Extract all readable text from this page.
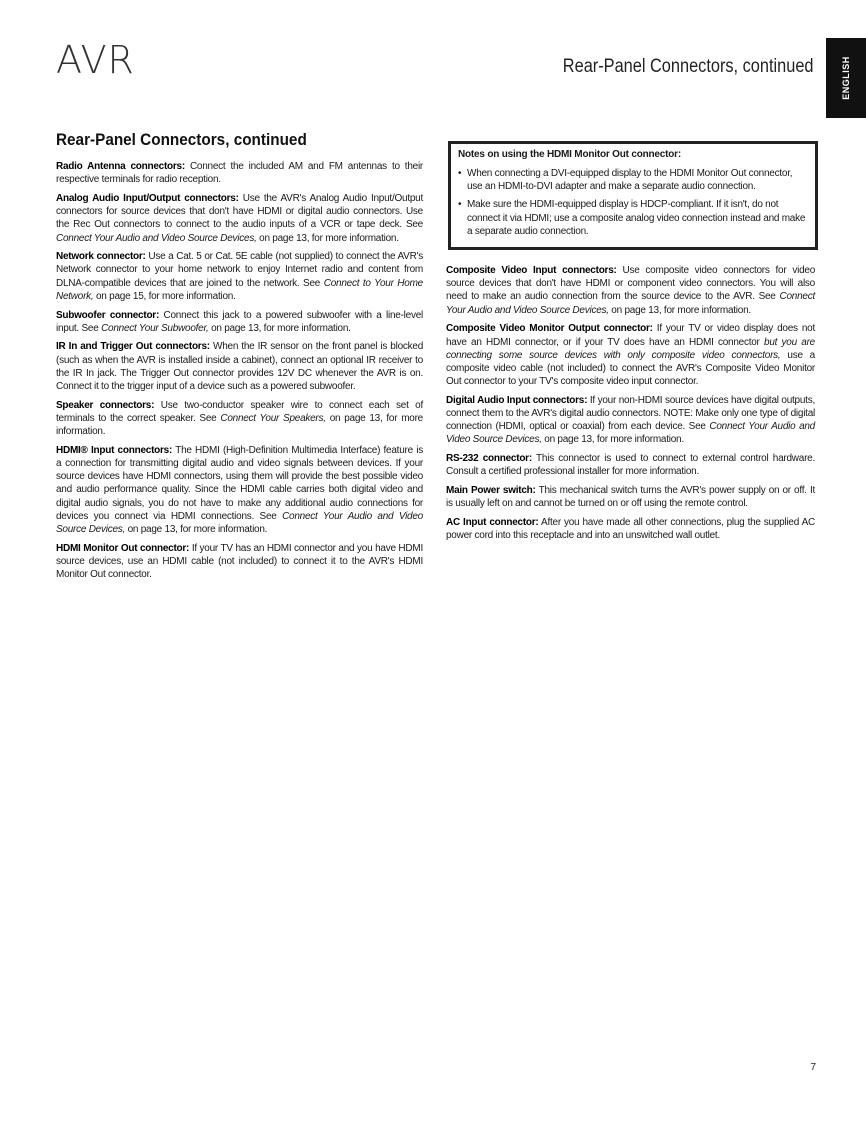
AVR	Rear-Panel Connectors, continued	ENGLISH
Rear-Panel Connectors, continued

Radio Antenna connectors: Connect the included AM and FM antennas to their respective terminals for radio reception.

Analog Audio Input/Output connectors: Use the AVR's Analog Audio Input/Output connectors for source devices that don't have HDMI or digital audio connectors. Use the Rec Out connectors to connect to the audio inputs of a VCR or tape deck. See Connect Your Audio and Video Source Devices, on page 13, for more information.

Network connector: Use a Cat. 5 or Cat. 5E cable (not supplied) to connect the AVR's Network connector to your home network to enjoy Internet radio and content from DLNA-compatible devices that are joined to the network. See Connect to Your Home Network, on page 15, for more information.

Subwoofer connector: Connect this jack to a powered subwoofer with a line-level input. See Connect Your Subwoofer, on page 13, for more information.

IR In and Trigger Out connectors: When the IR sensor on the front panel is blocked (such as when the AVR is installed inside a cabinet), connect an optional IR receiver to the IR In jack. The Trigger Out connector provides 12V DC whenever the AVR is on. Connect it to the trigger input of a device such as a powered subwoofer.

Speaker connectors: Use two-conductor speaker wire to connect each set of terminals to the correct speaker. See Connect Your Speakers, on page 13, for more information.

HDMI® Input connectors: The HDMI (High-Definition Multimedia Interface) feature is a connection for transmitting digital audio and video signals between devices. If your source devices have HDMI connectors, using them will provide the best possible video and audio performance quality. Since the HDMI cable carries both digital video and digital audio signals, you do not have to make any additional audio connections for devices you connect via HDMI connections. See Connect Your Audio and Video Source Devices, on page 13, for more information.

HDMI Monitor Out connector: If your TV has an HDMI connector and you have HDMI source devices, use an HDMI cable (not included) to connect it to the AVR's HDMI Monitor Out connector.

Notes on using the HDMI Monitor Out connector:
• When connecting a DVI-equipped display to the HDMI Monitor Out connector, use an HDMI-to-DVI adapter and make a separate audio connection.
• Make sure the HDMI-equipped display is HDCP-compliant. If it isn't, do not connect it via HDMI; use a composite analog video connection instead and make a separate audio connection.

Composite Video Input connectors: Use composite video connectors for video source devices that don't have HDMI or component video connectors. You will also need to make an audio connection from the source device to the AVR. See Connect Your Audio and Video Source Devices, on page 13, for more information.

Composite Video Monitor Output connector: If your TV or video display does not have an HDMI connector, or if your TV does have an HDMI connector but you are connecting some source devices with only composite video connectors, use a composite video cable (not included) to connect the AVR's Composite Video Monitor Out connector to your TV's composite video input connector.

Digital Audio Input connectors: If your non-HDMI source devices have digital outputs, connect them to the AVR's digital audio connectors. NOTE: Make only one type of digital connection (HDMI, optical or coaxial) from each device. See Connect Your Audio and Video Source Devices, on page 13, for more information.

RS-232 connector: This connector is used to connect to external control hardware. Consult a certified professional installer for more information.

Main Power switch: This mechanical switch turns the AVR's power supply on or off. It is usually left on and cannot be turned on or off using the remote control.

AC Input connector: After you have made all other connections, plug the supplied AC power cord into this receptacle and into an unswitched wall outlet.

7
